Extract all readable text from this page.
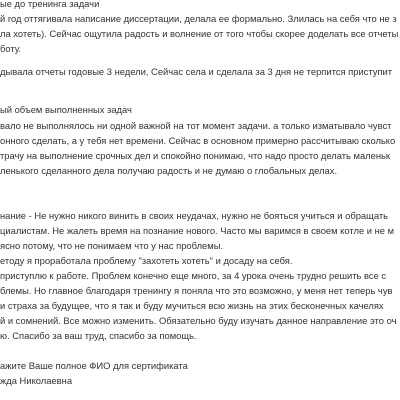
ые до тренинга задачи
й год оттягивала написание диссертации, делала ее формально. Злилась на себя что не з
ла хотеть). Сейчас ощутила радость и волнение от того чтобы скорее доделать все отчеты
боту.
дывала отчеты годовые 3 недели, Сейчас села и сделала за 3 дня не терпится приступит
ый объем выполненных задач
вало не выполнялось ни одной важной на тот момент задачи. а только изматывало чувст
онного сделать, а у тебя нет времени. Сейчас в основном примерно рассчитываю сколько
трачу на выполнение срочных дел и спокойно понимаю, что надо просто делать маленьк
ленького сделанного дела получаю радость и не думаю о глобальных делах.
нание - Не нужно никого винить в своих неудачах, нужно не бояться учиться и обращать
циалистам. Не жалеть время на познание нового. Часто мы варимся в своем котле и не м
ясно потому, что не понимаем что у нас проблемы.
етоду я проработала проблему "захотеть хотеть" и досаду на себя.
приступлю к работе. Проблем конечно еще много, за 4 урока очень трудно решить все с
блемы. Но главное благодаря тренингу я поняла что это возможно, у меня нет теперь чув
и страха за будущее, что я так и буду мучиться всю жизнь на этих бесконечных качелях
й и сомнений. Все можно изменить. Обязательно буду изучать данное направление это оч
ю. Спасибо за ваш труд, спасибо за помощь.
ажите Ваше полное ФИО для сертификата
жда Николаевна
